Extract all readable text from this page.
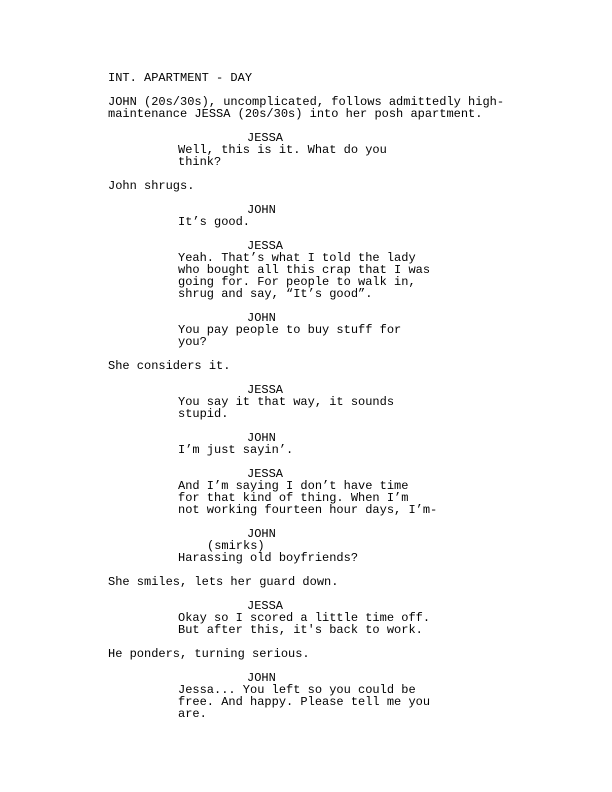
INT. APARTMENT - DAY
JOHN (20s/30s), uncomplicated, follows admittedly high-
maintenance JESSA (20s/30s) into her posh apartment.
JESSA
Well, this is it. What do you
think?
John shrugs.
JOHN
It’s good.
JESSA
Yeah. That’s what I told the lady
who bought all this crap that I was
going for. For people to walk in,
shrug and say, “It’s good”.
JOHN
You pay people to buy stuff for
you?
She considers it.
JESSA
You say it that way, it sounds
stupid.
JOHN
I’m just sayin’.
JESSA
And I’m saying I don’t have time
for that kind of thing. When I’m
not working fourteen hour days, I’m-
JOHN
(smirks)
Harassing old boyfriends?
She smiles, lets her guard down.
JESSA
Okay so I scored a little time off.
But after this, it's back to work.
He ponders, turning serious.
JOHN
Jessa... You left so you could be
free. And happy. Please tell me you
are.
